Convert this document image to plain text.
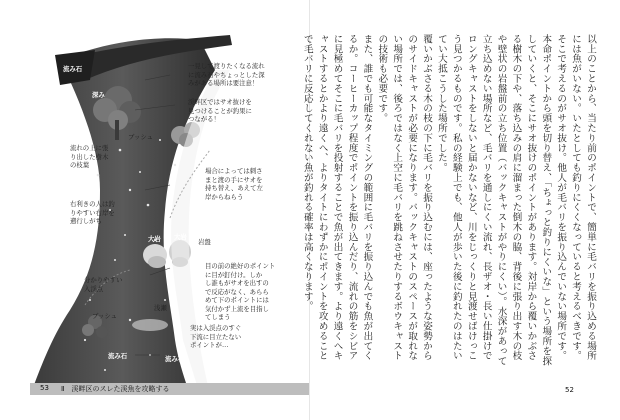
流み石
深み
一見して渡りたくなる流れ
に流み石やちょっとした深
みがある場所は要注意！
渓畔区ではサオ抜けを
見つけることが釣果に
つながる！
ブッシュ
流れの上に張
り出した樹木
の枝葉
場合によっては刺さ
まと渡の手にサオを
持ち替え、あえて左
岸からねらう
右利きの人は釣
りやすい右岸を
遡行しがち
大岩 大岩
岩盤
目の前の絶好のポイント
に目が釘付け。しか
し誰もがサオを出すの
で反応がなく、あらら
めて下のポイントには
気付かず上流を目指し
てしまう
分かりやすい
入渓点
浅瀬
ブッシュ
実は入渓点のすぐ
下流に目立たない
ポイントが…
流み石	流み石
53 Ⅱ　渓畔区のスレた渓魚を攻略する

以上のことから、当たり前のポイントで、簡単に毛バリを振り込める場所には魚がいない。いたとしても釣りにくくなっていると考えるべきです。

そこで考えるのがサオ抜け。他人が毛バリを振り込んでいない場所です。本命ポイントから頭を切り替え、「ちょっと釣りにくいな」という場所を探していくと、そこにサオ抜けのポイントがあります。対岸から覆いかぶさる樹木の下や、落ち込みの肩に溜まった倒木の脇、背後に張り出す木の枝や壁状の岩盤前の立ち位置（バックキャストがやりにくい）。水深があって立ち込めない場所など、毛バリを通しにくい流れ、長ザオ・長い仕掛けでロングキャストをしないと届かないなど、川をじっくりと見渡せばけっこう見つかるものです。私の経験上でも、他人が歩いた後に釣れたのはたいてい大抵こうした場所でした。

覆いかぶさる木の枝の下に毛バリを振り込むには、座ったような姿勢からのサイドキャストが必要になります。バックキャストのスペースが取れない場所では、後ろではなく上空に毛バリを跳ねさせたりするボウキャストの技術も必要です。

また、誰でも可能なタイミングの範囲に毛バリを振り込んでも魚が出てくるか。コーヒーカップ程度でポイントを振り込んだり、流れの筋をシビアに見極めてそこに毛バリを投射することで魚が出てきます。より遠くへキャストするとかより遠くへ、よりタイトにわずかにポイントを攻めることで毛バリに反応してくれない魚が釣れる確率は高くなります。

52
